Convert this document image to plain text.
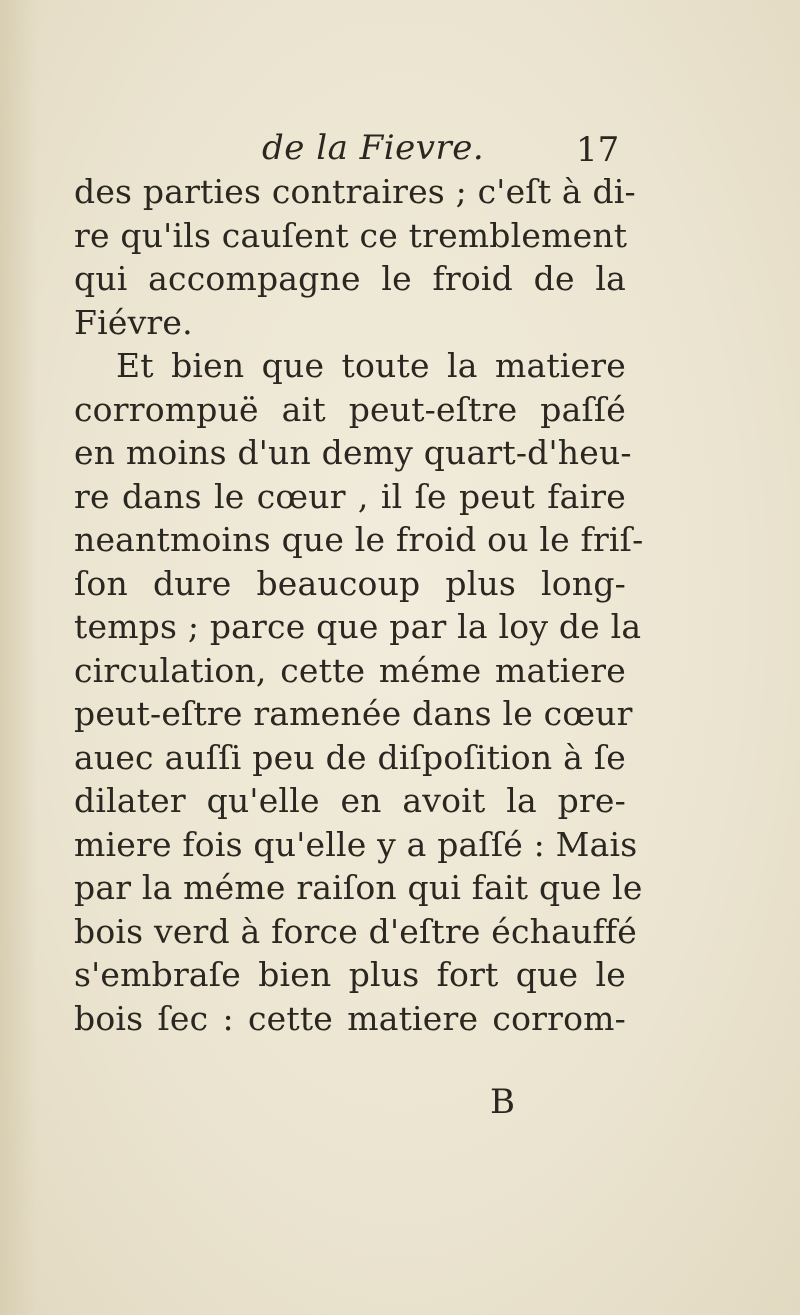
de la Fievre.	17
des parties contraires ; c'eſt à di-
re qu'ils cauſent ce tremblement
qui accompagne le froid de la
Fiévre.
Et bien que toute la matiere
corrompuë ait peut-eſtre paſſé
en moins d'un demy quart-d'heu-
re dans le cœur , il ſe peut faire
neantmoins que le froid ou le friſ-
ſon dure beaucoup plus long-
temps ; parce que par la loy de la
circulation, cette méme matiere
peut-eſtre ramenée dans le cœur
auec auſſi peu de diſpoſition à ſe
dilater qu'elle en avoit la pre-
miere fois qu'elle y a paſſé : Mais
par la méme raiſon qui fait que le
bois verd à force d'eſtre échauffé
s'embraſe bien plus fort que le
bois ſec : cette matiere corrom-
B
